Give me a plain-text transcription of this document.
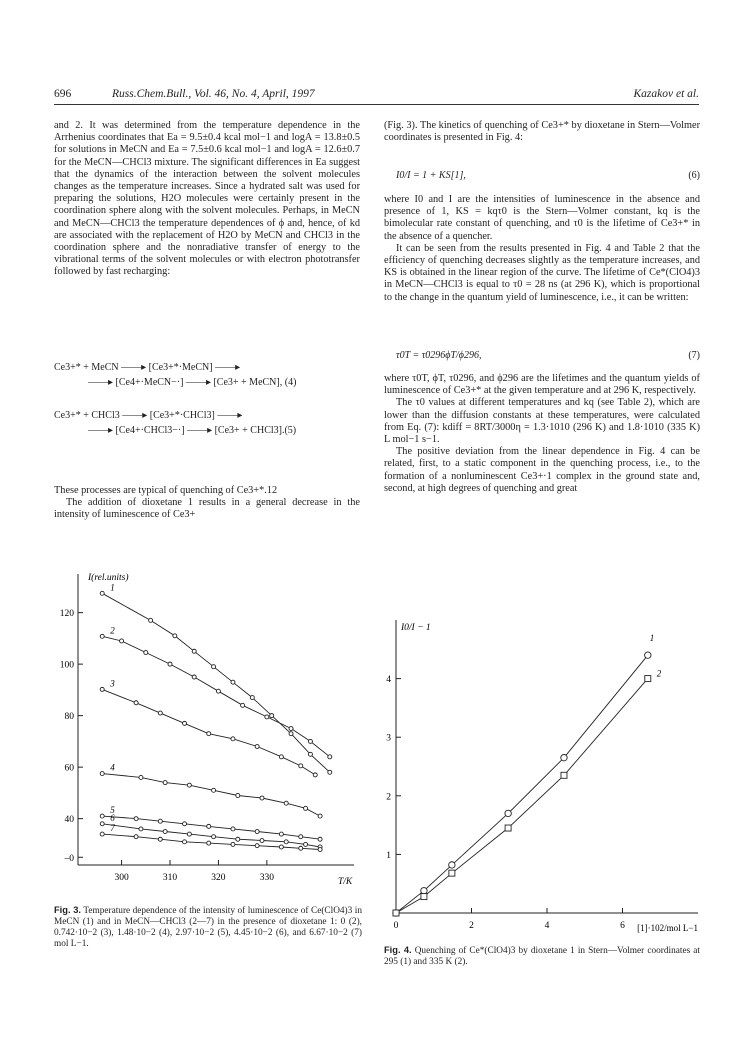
696	Russ.Chem.Bull., Vol. 46, No. 4, April, 1997	Kazakov et al.

and 2. It was determined from the temperature dependence in the Arrhenius coordinates that Ea = 9.5±0.4 kcal mol−1 and logA = 13.8±0.5 for solutions in MeCN and Ea = 7.5±0.6 kcal mol−1 and logA = 12.6±0.7 for the MeCN—CHCl3 mixture. The significant differences in Ea suggest that the dynamics of the interaction between the solvent molecules changes as the temperature increases. Since a hydrated salt was used for preparing the solutions, H2O molecules were certainly present in the coordination sphere along with the solvent molecules. Perhaps, in MeCN and MeCN—CHCl3 the temperature dependences of ϕ and, hence, of kd are associated with the replacement of H2O by MeCN and CHCl3 in the coordination sphere and the nonradiative transfer of energy to the vibrational terms of the solvent molecules or with electron phototransfer followed by fast recharging:

Ce3+* + MeCN ——▸ [Ce3+*·MeCN] ——▸
——▸ [Ce4+·MeCN−·] ——▸ [Ce3+ + MeCN], (4)
Ce3+* + CHCl3 ——▸ [Ce3+*·CHCl3] ——▸
——▸ [Ce4+·CHCl3−·] ——▸ [Ce3+ + CHCl3].(5)

These processes are typical of quenching of Ce3+*.12

The addition of dioxetane 1 results in a general decrease in the intensity of luminescence of Ce3+

(Fig. 3). The kinetics of quenching of Ce3+* by dioxetane in Stern—Volmer coordinates is presented in Fig. 4:

I0/I = 1 + KS[1],	(6)

where I0 and I are the intensities of luminescence in the absence and presence of 1, KS = kqτ0 is the Stern—Volmer constant, kq is the bimolecular rate constant of quenching, and τ0 is the lifetime of Ce3+* in the absence of a quencher.

It can be seen from the results presented in Fig. 4 and Table 2 that the efficiency of quenching decreases slightly as the temperature increases, and KS is obtained in the linear region of the curve. The lifetime of Ce*(ClO4)3 in MeCN—CHCl3 is equal to τ0 = 28 ns (at 296 K), which is proportional to the change in the quantum yield of luminescence, i.e., it can be written:

τ0T = τ0296ϕT/ϕ296,	(7)

where τ0T, ϕT, τ0296, and ϕ296 are the lifetimes and the quantum yields of luminescence of Ce3+* at the given temperature and at 296 K, respectively.

The τ0 values at different temperatures and kq (see Table 2), which are lower than the diffusion constants at these temperatures, were calculated from Eq. (7): kdiff = 8RT/3000η = 1.3·1010 (296 K) and 1.8·1010 (335 K) L mol−1 s−1.

The positive deviation from the linear dependence in Fig. 4 can be related, first, to a static component in the quenching process, i.e., to the formation of a nonluminescent Ce3+·1 complex in the ground state and, second, at high degrees of quenching and great

I(rel.units)
T/K
120
100
80
60
40
–0
300	310	320	330
1
2
3
4
5
6
7
Fig. 3. Temperature dependence of the intensity of luminescence of Ce(ClO4)3 in MeCN (1) and in MeCN—CHCl3 (2—7) in the presence of dioxetane 1: 0 (2), 0.742·10−2 (3), 1.48·10−2 (4), 2.97·10−2 (5), 4.45·10−2 (6), and 6.67·10−2 (7) mol L−1.
I0/I − 1
[1]·102/mol L−1
1
2
3
4
0	2	4	6
1
2
Fig. 4. Quenching of Ce*(ClO4)3 by dioxetane 1 in Stern—Volmer coordinates at 295 (1) and 335 K (2).
